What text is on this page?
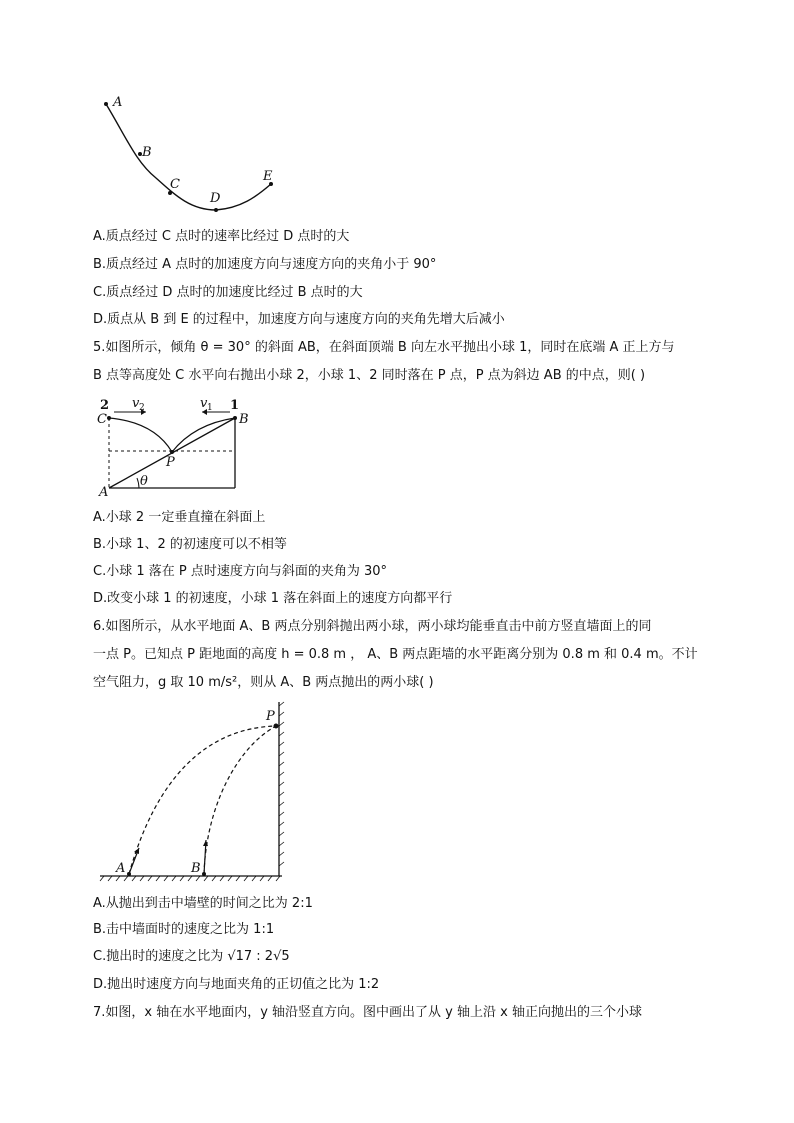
A
B
C
D
E
A.质点经过 C 点时的速率比经过 D 点时的大
B.质点经过 A 点时的加速度方向与速度方向的夹角小于 90°
C.质点经过 D 点时的加速度比经过 B 点时的大
D.质点从 B 到 E 的过程中，加速度方向与速度方向的夹角先增大后减小
5.如图所示，倾角 θ = 30° 的斜面 AB，在斜面顶端 B 向左水平抛出小球 1，同时在底端 A 正上方与
B 点等高度处 C 水平向右抛出小球 2，小球 1、2 同时落在 P 点，P 点为斜边 AB 的中点，则( )
2 v 2	v 1 1
C	B
P
A
θ
A.小球 2 一定垂直撞在斜面上
B.小球 1、2 的初速度可以不相等
C.小球 1 落在 P 点时速度方向与斜面的夹角为 30°
D.改变小球 1 的初速度，小球 1 落在斜面上的速度方向都平行
6.如图所示，从水平地面 A、B 两点分别斜抛出两小球，两小球均能垂直击中前方竖直墙面上的同
一点 P。已知点 P 距地面的高度 h = 0.8 m ， A、B 两点距墙的水平距离分别为 0.8 m 和 0.4 m。不计
空气阻力，g 取 10 m/s²，则从 A、B 两点抛出的两小球( )
P
A	B
A.从抛出到击中墙壁的时间之比为 2:1
B.击中墙面时的速度之比为 1:1
C.抛出时的速度之比为 √17 : 2√5
D.抛出时速度方向与地面夹角的正切值之比为 1:2
7.如图，x 轴在水平地面内，y 轴沿竖直方向。图中画出了从 y 轴上沿 x 轴正向抛出的三个小球
